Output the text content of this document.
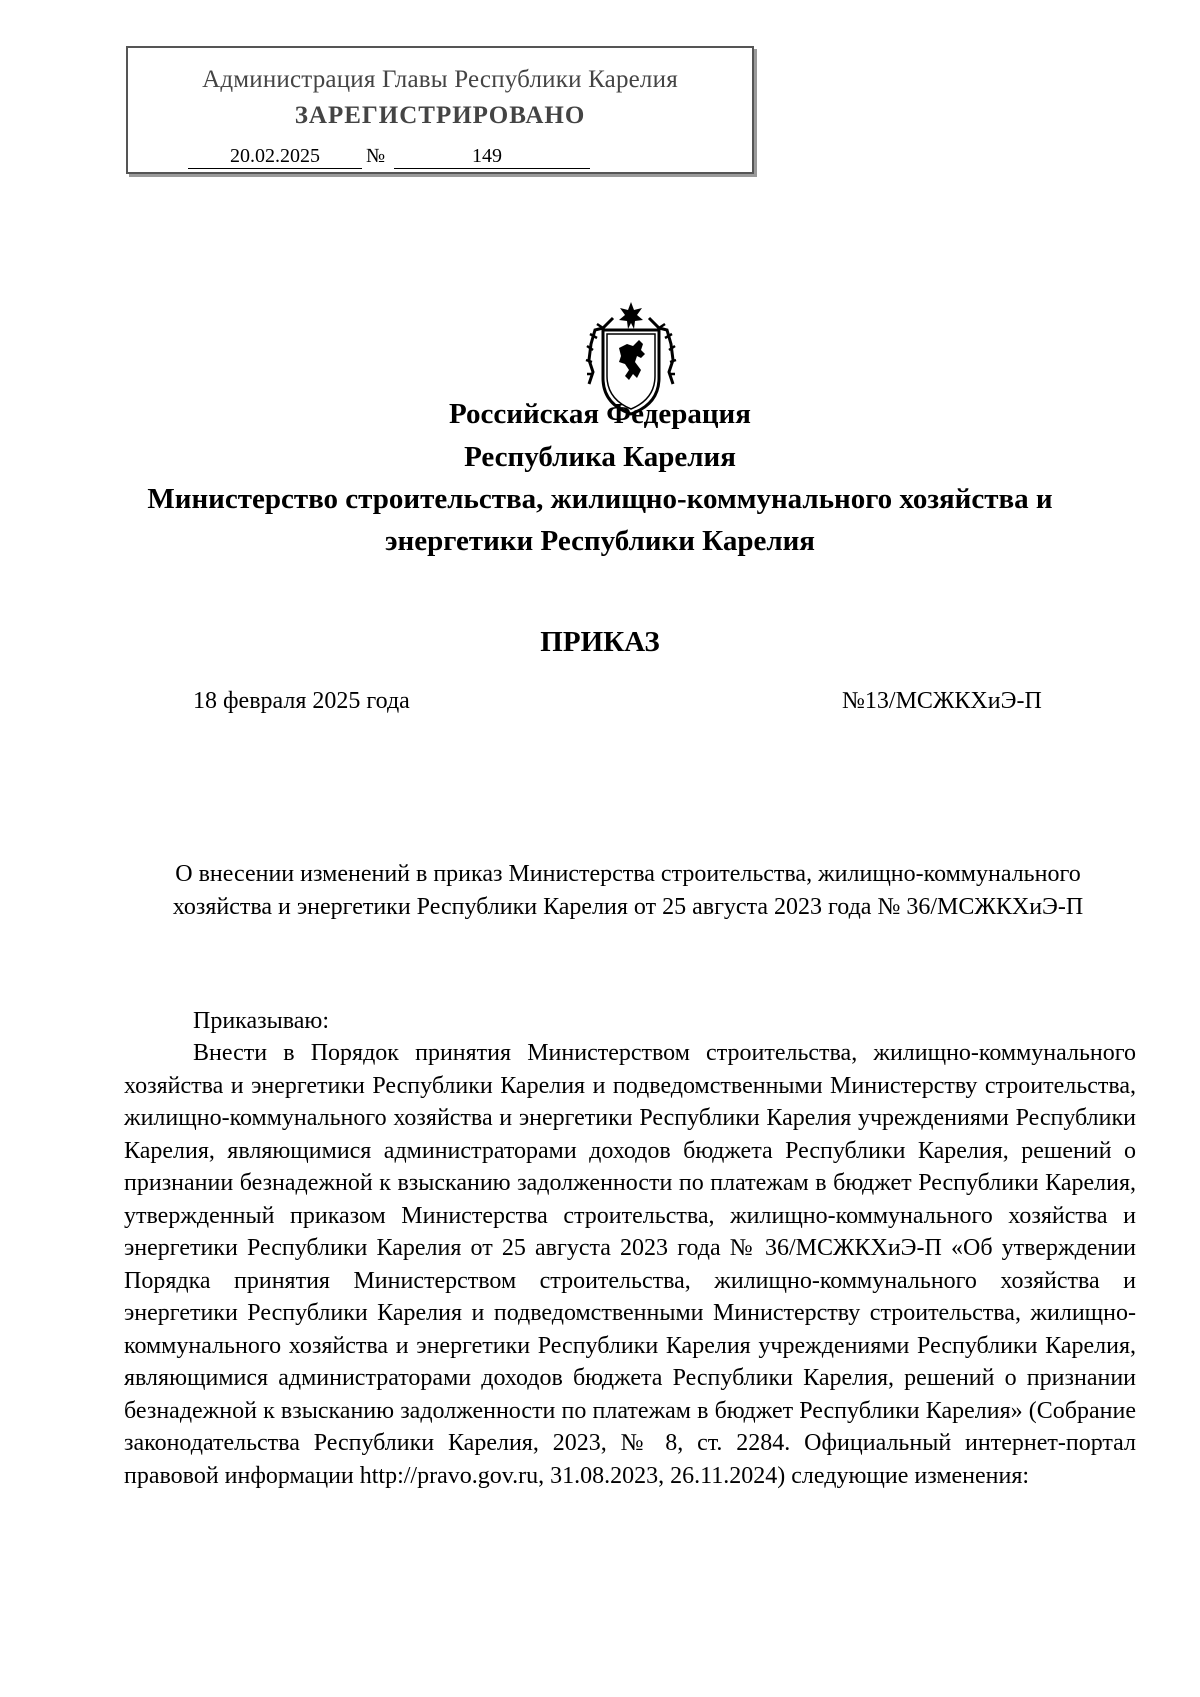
Администрация Главы Республики Карелия
ЗАРЕГИСТРИРОВАНО
20.02.2025	№	149
Российская Федерация
Республика Карелия
Министерство строительства, жилищно-коммунального хозяйства и
энергетики Республики Карелия
ПРИКАЗ
18 февраля 2025 года	№13/МСЖКХиЭ-П
О внесении изменений в приказ Министерства строительства, жилищно-коммунального хозяйства и энергетики Республики Карелия от 25 августа 2023 года № 36/МСЖКХиЭ-П
Приказываю:
Внести в Порядок принятия Министерством строительства, жилищно-коммунального хозяйства и энергетики Республики Карелия и подведомственными Министерству строительства, жилищно-коммунального хозяйства и энергетики Республики Карелия учреждениями Республики Карелия, являющимися администраторами доходов бюджета Республики Карелия, решений о признании безнадежной к взысканию задолженности по платежам в бюджет Республики Карелия, утвержденный приказом Министерства строительства, жилищно-коммунального хозяйства и энергетики Республики Карелия от 25 августа 2023 года № 36/МСЖКХиЭ-П «Об утверждении Порядка принятия Министерством строительства, жилищно-коммунального хозяйства и энергетики Республики Карелия и подведомственными Министерству строительства, жилищно-коммунального хозяйства и энергетики Республики Карелия учреждениями Республики Карелия, являющимися администраторами доходов бюджета Республики Карелия, решений о признании безнадежной к взысканию задолженности по платежам в бюджет Республики Карелия» (Собрание законодательства Республики Карелия, 2023, № 8, ст. 2284. Официальный интернет-портал правовой информации http://pravo.gov.ru, 31.08.2023, 26.11.2024) следующие изменения:
